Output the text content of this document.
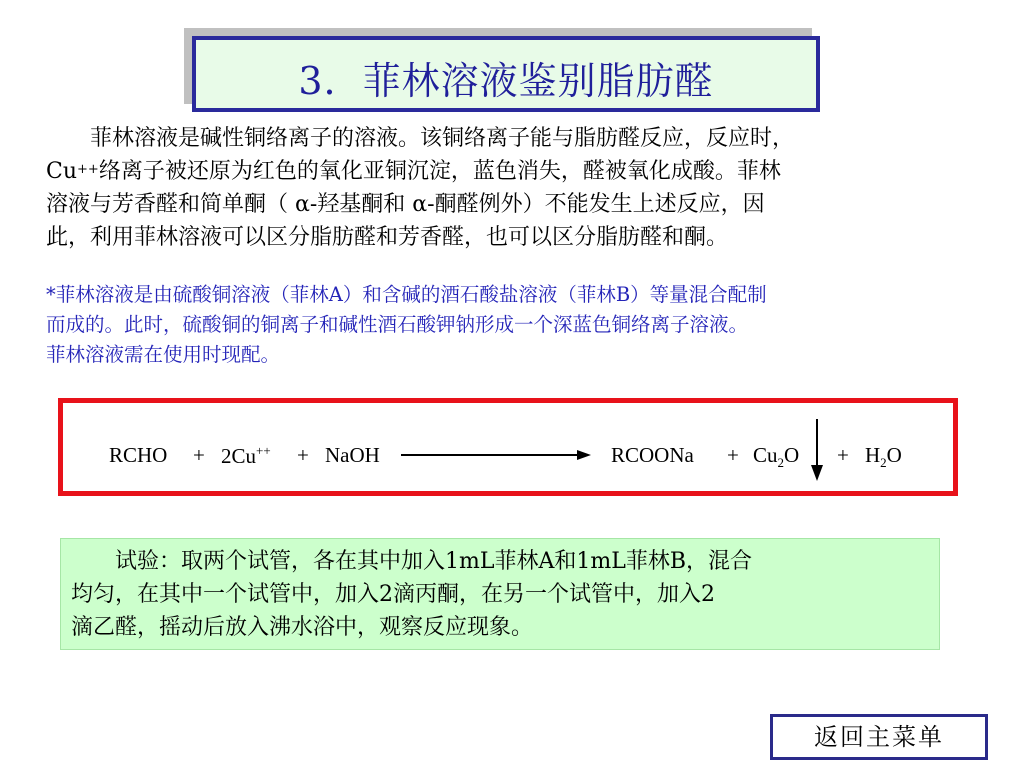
3．菲林溶液鉴别脂肪醛
　　菲林溶液是碱性铜络离子的溶液。该铜络离子能与脂肪醛反应，反应时，
Cu++络离子被还原为红色的氧化亚铜沉淀，蓝色消失，醛被氧化成酸。菲林
溶液与芳香醛和简单酮（ α-羟基酮和 α-酮醛例外）不能发生上述反应，因
此，利用菲林溶液可以区分脂肪醛和芳香醛，也可以区分脂肪醛和酮。
*菲林溶液是由硫酸铜溶液（菲林A）和含碱的酒石酸盐溶液（菲林B）等量混合配制
而成的。此时，硫酸铜的铜离子和碱性酒石酸钾钠形成一个深蓝色铜络离子溶液。
菲林溶液需在使用时现配。
RCHO + 2Cu++ + NaOH	RCOONa + $Cu_2O + H_2O$
　　试验：取两个试管，各在其中加入1mL菲林A和1mL菲林B，混合
均匀，在其中一个试管中，加入2滴丙酮，在另一个试管中，加入2
滴乙醛，摇动后放入沸水浴中，观察反应现象。
返回主菜单
